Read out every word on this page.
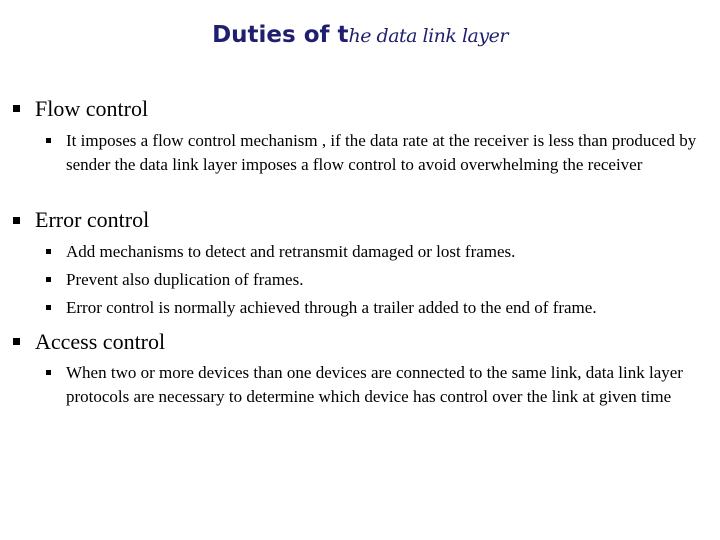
Duties of the data link layer
Flow control
It imposes a flow control mechanism , if the data rate at the receiver is less than produced by sender the data link layer imposes a flow control to avoid overwhelming the receiver
Error control
Add mechanisms to detect and retransmit damaged or lost frames.
Prevent also duplication of frames.
Error control is normally achieved through a trailer added to the end of frame.
Access control
When two or more devices than one devices are connected to the same link, data link layer protocols are necessary to determine which device has control over the link at given time
